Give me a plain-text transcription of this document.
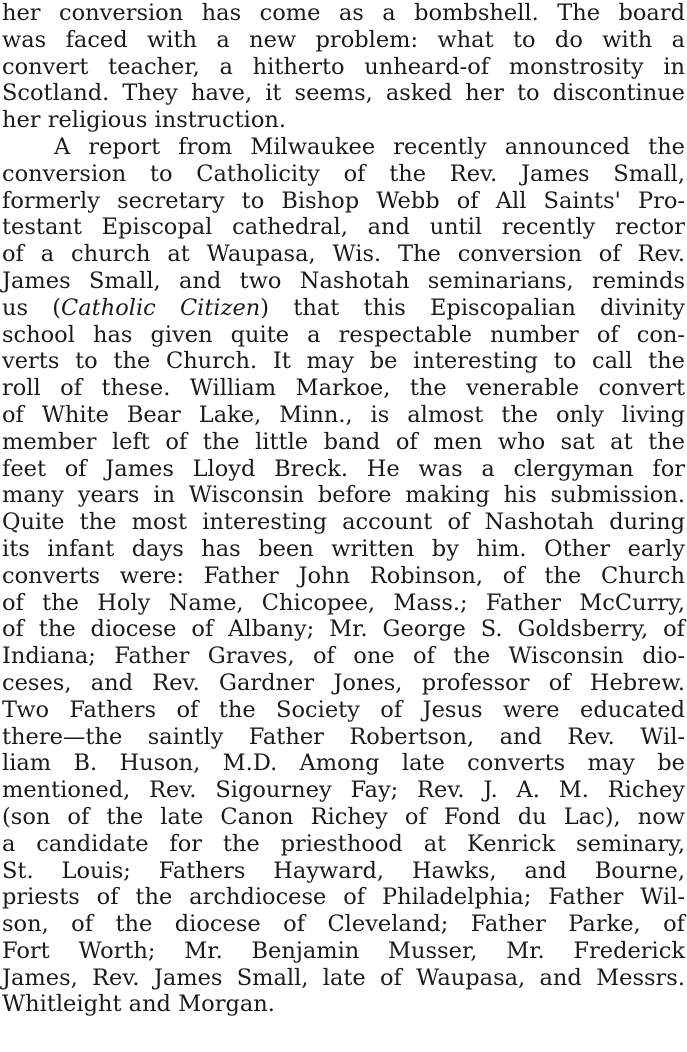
her conversion has come as a bombshell. The board
was faced with a new problem: what to do with a
convert teacher, a hitherto unheard-of monstrosity in
Scotland. They have, it seems, asked her to discontinue
her religious instruction.
A report from Milwaukee recently announced the
conversion to Catholicity of the Rev. James Small,
formerly secretary to Bishop Webb of All Saints' Pro-
testant Episcopal cathedral, and until recently rector
of a church at Waupasa, Wis. The conversion of Rev.
James Small, and two Nashotah seminarians, reminds
us (Catholic Citizen) that this Episcopalian divinity
school has given quite a respectable number of con-
verts to the Church. It may be interesting to call the
roll of these. William Markoe, the venerable convert
of White Bear Lake, Minn., is almost the only living
member left of the little band of men who sat at the
feet of James Lloyd Breck. He was a clergyman for
many years in Wisconsin before making his submission.
Quite the most interesting account of Nashotah during
its infant days has been written by him. Other early
converts were: Father John Robinson, of the Church
of the Holy Name, Chicopee, Mass.; Father McCurry,
of the diocese of Albany; Mr. George S. Goldsberry, of
Indiana; Father Graves, of one of the Wisconsin dio-
ceses, and Rev. Gardner Jones, professor of Hebrew.
Two Fathers of the Society of Jesus were educated
there—the saintly Father Robertson, and Rev. Wil-
liam B. Huson, M.D. Among late converts may be
mentioned, Rev. Sigourney Fay; Rev. J. A. M. Richey
(son of the late Canon Richey of Fond du Lac), now
a candidate for the priesthood at Kenrick seminary,
St. Louis; Fathers Hayward, Hawks, and Bourne,
priests of the archdiocese of Philadelphia; Father Wil-
son, of the diocese of Cleveland; Father Parke, of
Fort Worth; Mr. Benjamin Musser, Mr. Frederick
James, Rev. James Small, late of Waupasa, and Messrs.
Whitleight and Morgan.
